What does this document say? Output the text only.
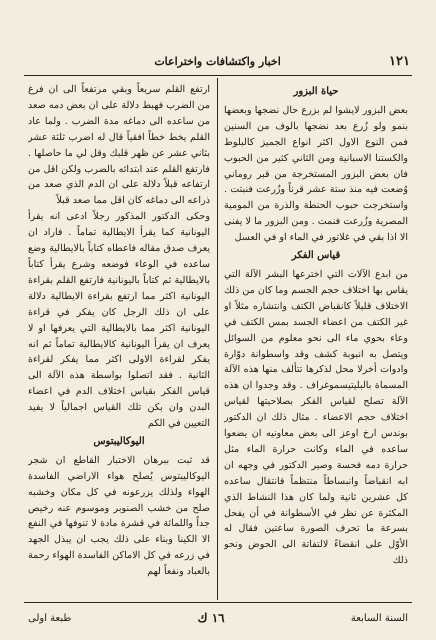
١٢١
اخبار واكتشافات واختراعات
حياة البزور

بعض البزور لايشوا لم بزرع حال نضجها وبعضها بنمو ولو زُرع بعد نضجها بالوف من السنين فمن النوع الاول اكثر انواع الجميز كالبلوط والكستنا الاسبانية ومن الثاني كثير من الحبوب فان بعض البزور المستخرجة من قبر روماني وُضعت فيه منذ ستة عشر قرناً وزُرعت فنبتت . واستخرجت حبوب الحنطة والذرة من المومية المصرية وزُرعت فنمت . ومن البزور ما لا يفنى الا اذا بقي في غلاتور في الماء او في العسل

قياس الفكر

من ابدع الآلات التي اخترعها البشر الآلة التي يقاس بها اختلاف حجم الجسم وما كان من ذلك الاختلاف قليلاً كانقباض الكتف وانتشاره مثلاً او غير الكتف من اعضاء الجسد بمس الكتف في وعاء بحوي ماء الى نحو معلوم من السوائل ويتصل به انبوبة كشف وقد واسطوانة دوّارة وادوات أخرلا محل لذكرها تتألف منها هذه الآلة المسماة بالبليتيسموغراف . وقد وجدوا ان هذه الآلة تصلح لقياس الفكر بصلاحيتها لقياس اختلاف حجم الاعضاء . مثال ذلك ان الدكتور بوندس ارخ اوعز الى بعض معاونيه ان يضعوا ساعده في الماء وكانت حرارة الماء مثل حرارة دمه فحسة وصير الدكتور في وجهه ان ابه انقباضاً وانبساطاً منتظماً فانتقال ساعده كل عشرين ثانية ولما كان هذا النشاط الذي المكثرة عن نظر في الأسطوانة في أن يفحل بسرعة ما تحرف الصورة ساعتين فقال له الأوّل على انقضاءً لالتفاتة الى الحوض ونحو ذلك

ارتفع القلم سريعاً وبقي مرتفعاً الى ان فرغ من الضرب فهبط دلالة على ان بعض دمه صعد من ساعده الى دماغه مدة الضرب . ولما عاد القلم يخط خطاً افقياً قال له اضرب ثلثة عشر بثاني عشر عن ظهر قلبك وقل لي ما حاصلها . فارتفع القلم عند ابتدائه بالضرب ولكن اقل من ارتفاعه قبلاً دلالة على ان الدم الذي صعد من ذراعه الى دماغه كان اقل مما صعد قبلاً

وحكى الدكتور المذكور رجلاً ادعى انه يقرأ اليونانية كما يقرأ الايطالية تماماً . فاراد ان يعرف صدق مقاله فاعطاه كتاباً بالايطالية وضع ساعده في الوعاء فوضعه وشرع يقرأ كتاباً بالايطالية ثم كتاباً باليونانية فارتفع القلم بقراءة اليونانية اكثر مما ارتفع بقراءة الايطالية دلالة على ان ذلك الرجل كان يفكر في قراءة اليونانية اكثر مما بالايطالية التي يعرفها او لا يعرف ان يقرأ اليونانية كالايطالية تماماً ثم انه يفكر لقراءة الاولى اكثر مما يفكر لقراءة الثانية . فقد اتصلوا بواسطة هذه الآلة الى قياس الفكر بقياس اختلاف الدم في اعضاء البدن وان بكن تلك القياس اجمالياً لا يفيد التعيين في الكم

اليوكاليبتوس

قد ثبت ببرهان الاختبار القاطع ان شجر اليوكاليبتوس يُصلح هواء الاراضي الفاسدة الهواء ولذلك يزرعونه في كل مكان وخشبه صلح من خشب الصنوبر وموسوم عنه رخيص جداً واللمائة في قشرة مادة لا تنوفها في النفع الا الكينا وبناء على ذلك يجب ان يبذل الجهد في زرعه في كل الاماكن الفاسدة الهواء رحمة بالعباد ونفعاً لهم

السنة السابعة
١٦ ك
طبعة اولى
